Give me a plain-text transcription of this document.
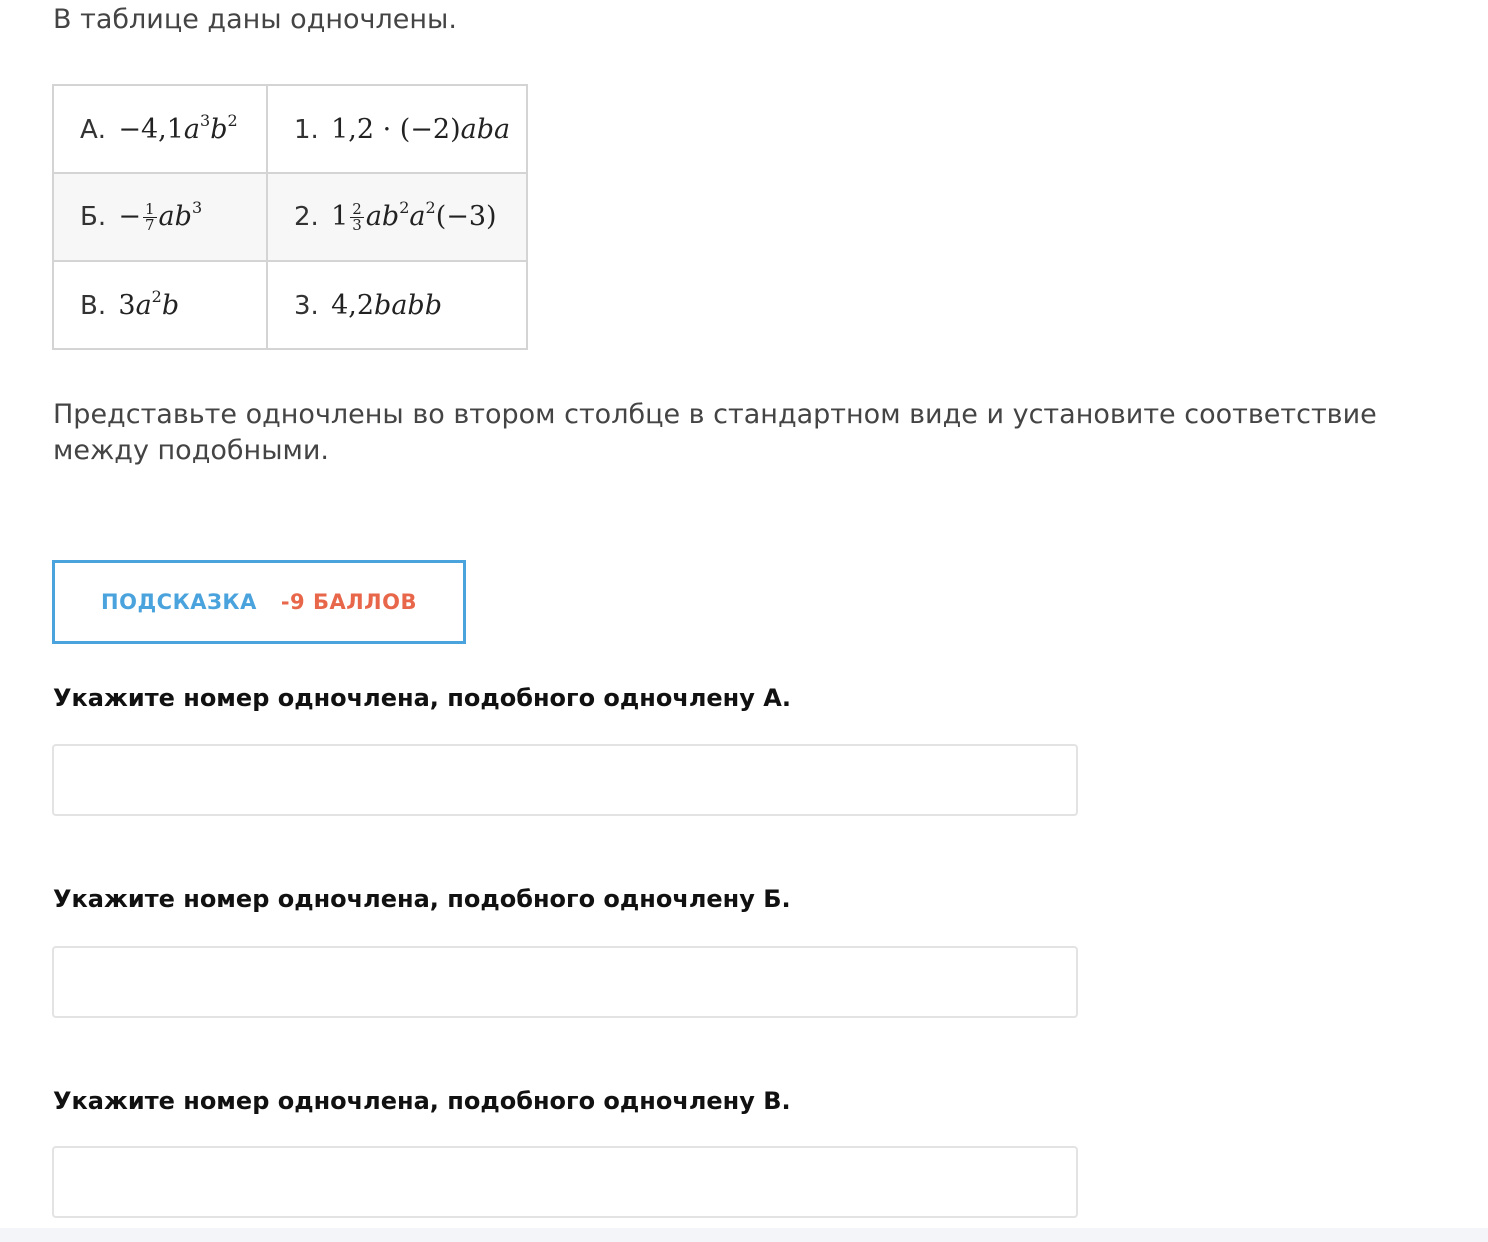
В таблице даны одночлены.

А. $-4,1a^3b^2$	1. 1,2 · (−2)aba
Б. − $\frac{1}{7} ab^3$	2. $1 \frac{2}{3} ab^2a^2(-3)$
В. $3a^2b$	3. 4,2babb

Представьте одночлены во втором столбце в стандартном виде и установите соответствие между подобными.

ПОДСКАЗКА -9 БАЛЛОВ

Укажите номер одночлена, подобного одночлену А.

Укажите номер одночлена, подобного одночлену Б.

Укажите номер одночлена, подобного одночлену В.
